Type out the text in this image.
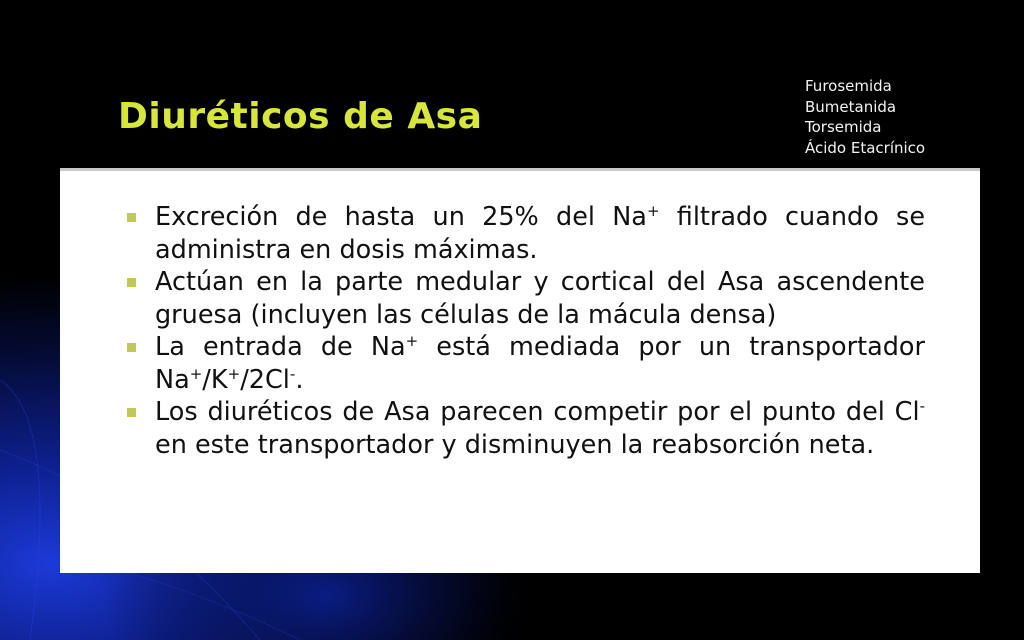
Diuréticos de Asa
Furosemida
Bumetanida
Torsemida
Ácido Etacrínico
Excreción de hasta un 25% del Na+ filtrado cuando se administra en dosis máximas.
Actúan en la parte medular y cortical del Asa ascendente gruesa (incluyen las células de la mácula densa)
La entrada de Na+ está mediada por un transportador Na+/K+/2Cl-.
Los diuréticos de Asa parecen competir por el punto del Cl- en este transportador y disminuyen la reabsorción neta.
